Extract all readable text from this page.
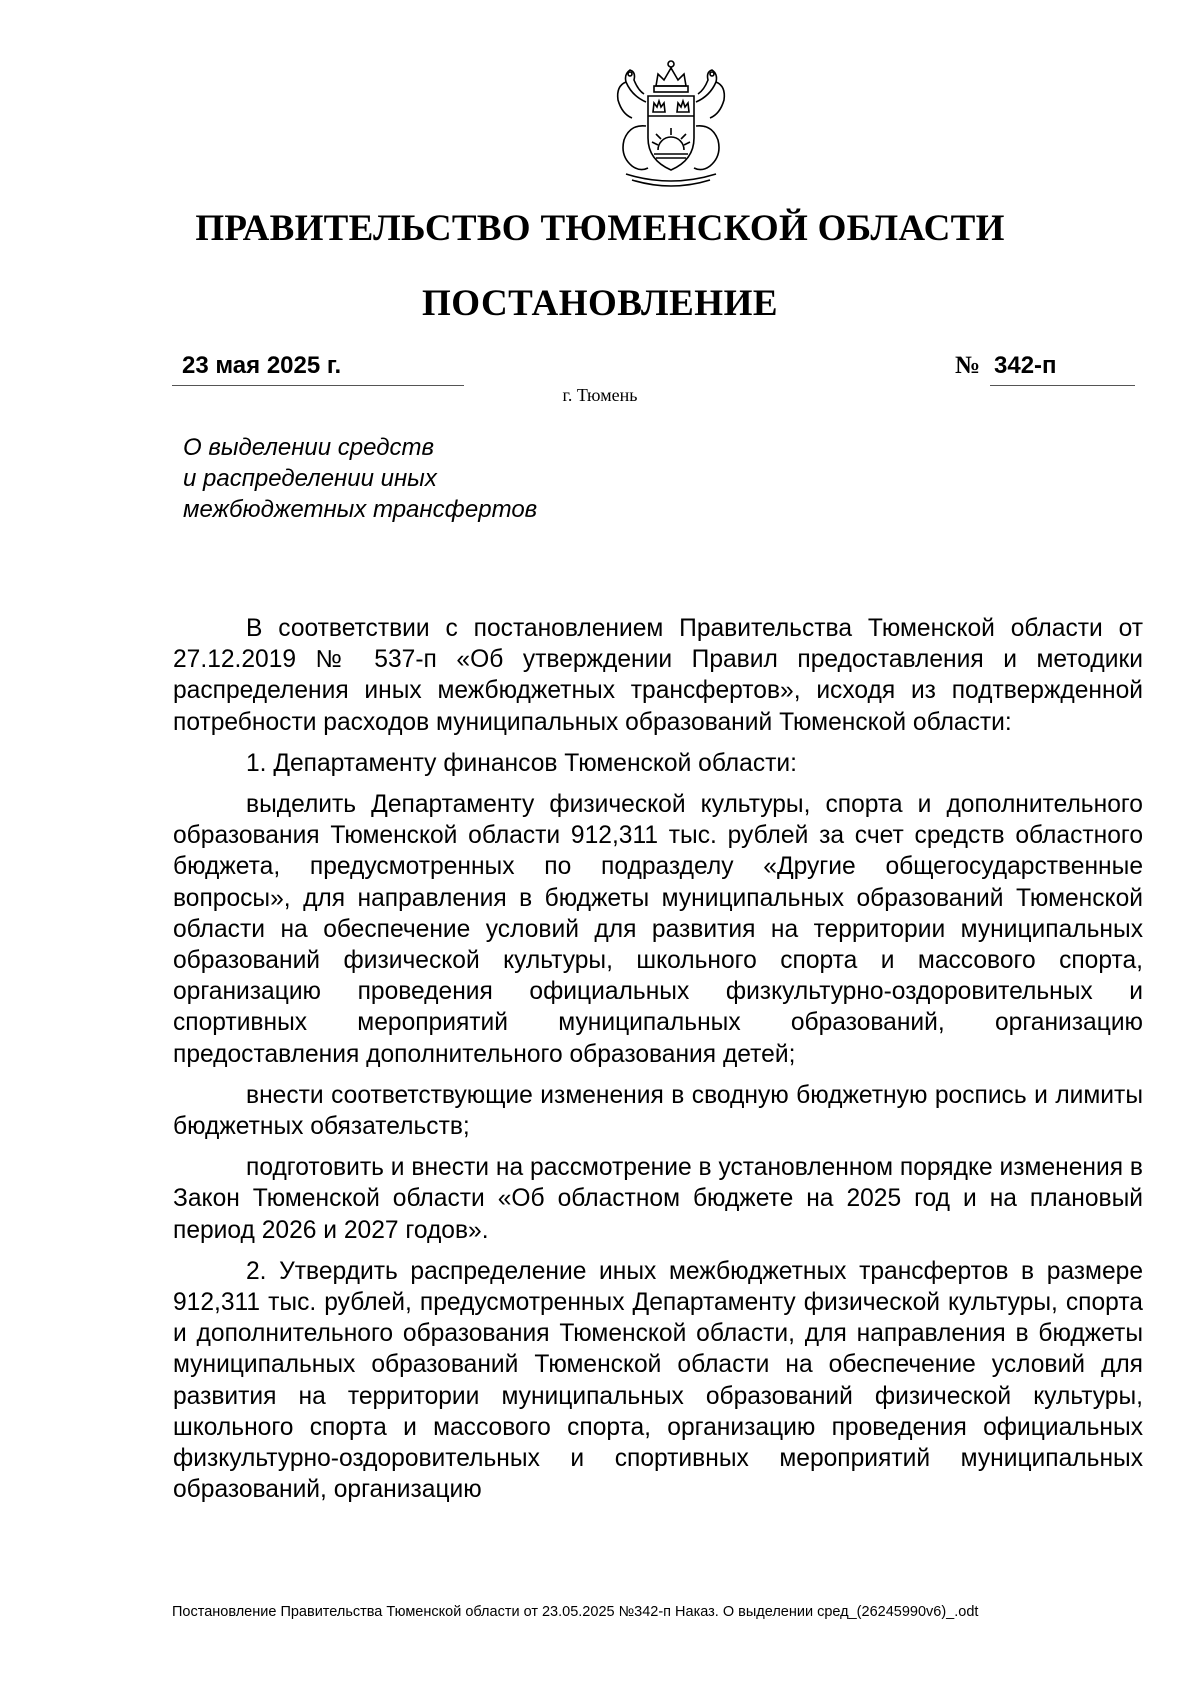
ПРАВИТЕЛЬСТВО ТЮМЕНСКОЙ ОБЛАСТИ
ПОСТАНОВЛЕНИЕ
23 мая 2025 г.	№ 342-п
г. Тюмень
О выделении средств
и распределении иных
межбюджетных трансфертов

В соответствии с постановлением Правительства Тюменской области от 27.12.2019 № 537-п «Об утверждении Правил предоставления и методики распределения иных межбюджетных трансфертов», исходя из подтвержденной потребности расходов муниципальных образований Тюменской области:

1. Департаменту финансов Тюменской области:

выделить Департаменту физической культуры, спорта и дополнительного образования Тюменской области 912,311 тыс. рублей за счет средств областного бюджета, предусмотренных по подразделу «Другие общегосударственные вопросы», для направления в бюджеты муниципальных образований Тюменской области на обеспечение условий для развития на территории муниципальных образований физической культуры, школьного спорта и массового спорта, организацию проведения официальных физкультурно-оздоровительных и спортивных мероприятий муниципальных образований, организацию предоставления дополнительного образования детей;

внести соответствующие изменения в сводную бюджетную роспись и лимиты бюджетных обязательств;

подготовить и внести на рассмотрение в установленном порядке изменения в Закон Тюменской области «Об областном бюджете на 2025 год и на плановый период 2026 и 2027 годов».

2. Утвердить распределение иных межбюджетных трансфертов в размере 912,311 тыс. рублей, предусмотренных Департаменту физической культуры, спорта и дополнительного образования Тюменской области, для направления в бюджеты муниципальных образований Тюменской области на обеспечение условий для развития на территории муниципальных образований физической культуры, школьного спорта и массового спорта, организацию проведения официальных физкультурно-оздоровительных и спортивных мероприятий муниципальных образований, организацию

Постановление Правительства Тюменской области от 23.05.2025 №342-п Наказ. О выделении сред_(26245990v6)_.odt
